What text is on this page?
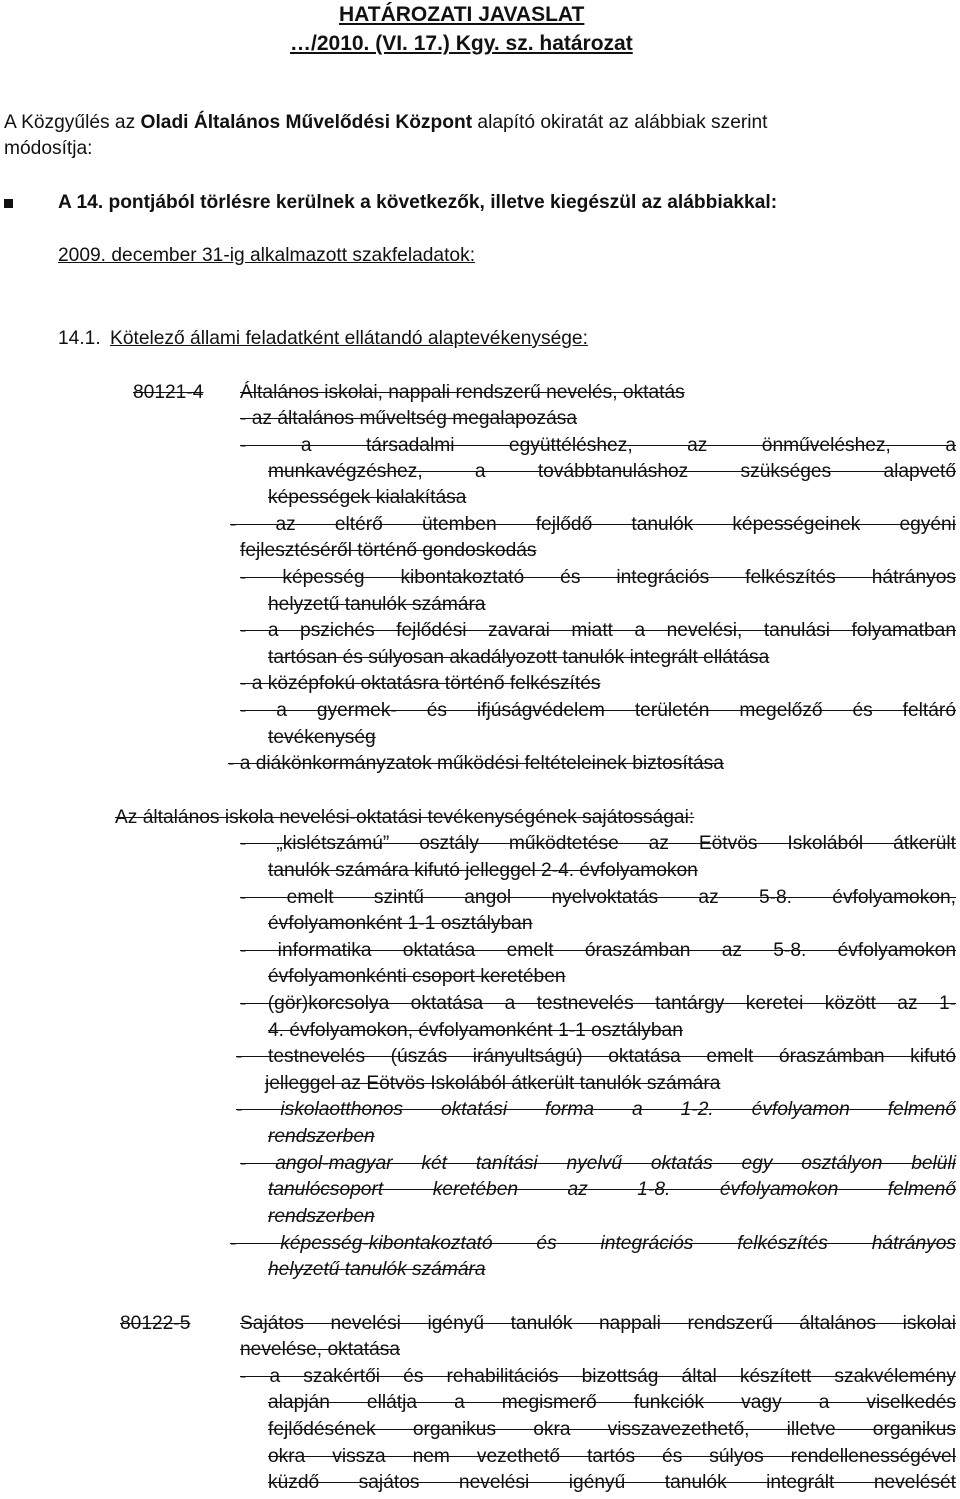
HATÁROZATI JAVASLAT
…/2010. (VI. 17.) Kgy. sz. határozat
A Közgyűlés az Oladi Általános Művelődési Központ alapító okiratát az alábbiak szerint
módosítja:
A 14. pontjából törlésre kerülnek a következők, illetve kiegészül az alábbiakkal:
2009. december 31-ig alkalmazott szakfeladatok:
14.1. Kötelező állami feladatként ellátandó alaptevékenysége:
80121-4 Általános iskolai, nappali rendszerű nevelés, oktatás
- az általános műveltség megalapozása
- a társadalmi együttéléshez, az önműveléshez, a
munkavégzéshez, a továbbtanuláshoz szükséges alapvető
képességek kialakítása
- az eltérő ütemben fejlődő tanulók képességeinek egyéni
fejlesztéséről történő gondoskodás
- képesség kibontakoztató és integrációs felkészítés hátrányos
helyzetű tanulók számára
- a pszichés fejlődési zavarai miatt a nevelési, tanulási folyamatban
tartósan és súlyosan akadályozott tanulók integrált ellátása
- a középfokú oktatásra történő felkészítés
- a gyermek- és ifjúságvédelem területén megelőző és feltáró
tevékenység
- a diákönkormányzatok működési feltételeinek biztosítása
Az általános iskola nevelési-oktatási tevékenységének sajátosságai:
- „kislétszámú” osztály működtetése az Eötvös Iskolából átkerült
tanulók számára kifutó jelleggel 2-4. évfolyamokon
- emelt szintű angol nyelvoktatás az 5-8. évfolyamokon,
évfolyamonként 1-1 osztályban
- informatika oktatása emelt óraszámban az 5-8. évfolyamokon
évfolyamonkénti csoport keretében
- (gör)korcsolya oktatása a testnevelés tantárgy keretei között az 1-
4. évfolyamokon, évfolyamonként 1-1 osztályban
- testnevelés (úszás irányultságú) oktatása emelt óraszámban kifutó
jelleggel az Eötvös Iskolából átkerült tanulók számára
- iskolaotthonos oktatási forma a 1-2. évfolyamon felmenő
rendszerben
- angol-magyar két tanítási nyelvű oktatás egy osztályon belüli
tanulócsoport keretében az 1-8. évfolyamokon felmenő
rendszerben
- képesség-kibontakoztató és integrációs felkészítés hátrányos
helyzetű tanulók számára
80122-5	Sajátos nevelési igényű tanulók nappali rendszerű általános iskolai
nevelése, oktatása
- a szakértői és rehabilitációs bizottság által készített szakvélemény
alapján ellátja a megismerő funkciók vagy a viselkedés
fejlődésének organikus okra visszavezethető, illetve organikus
okra vissza nem vezethető tartós és súlyos rendellenességével
küzdő sajátos nevelési igényű tanulók integrált nevelését
